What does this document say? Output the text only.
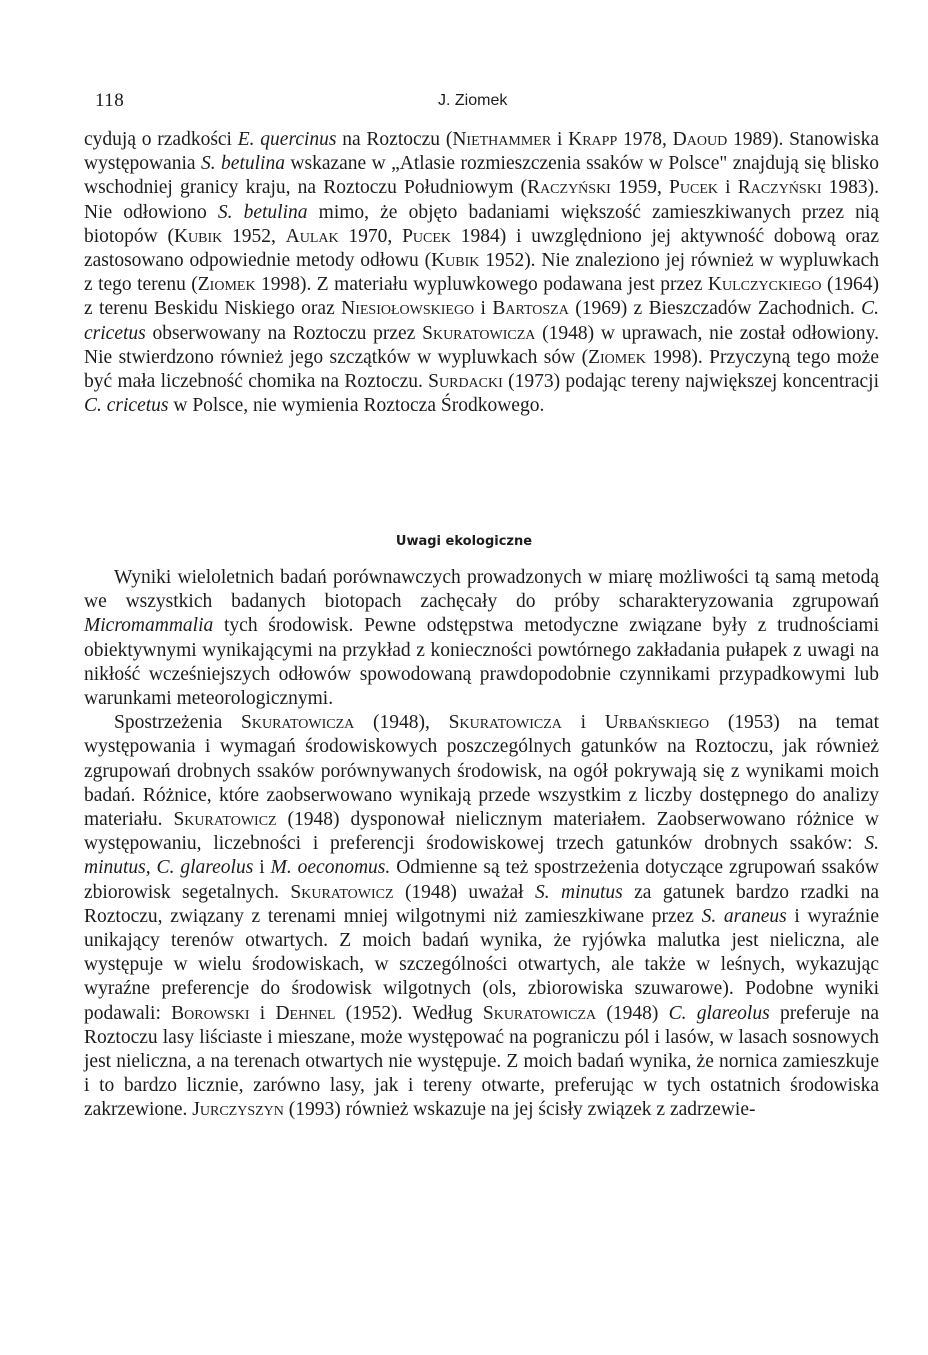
118	J. Ziomek

cydują o rzadkości E. quercinus na Roztoczu (Niethammer i Krapp 1978, Daoud 1989). Stanowiska występowania S. betulina wskazane w „Atlasie rozmieszczenia ssaków w Polsce" znajdują się blisko wschodniej granicy kraju, na Roztoczu Południowym (Raczyński 1959, Pucek i Raczyński 1983). Nie odłowiono S. betulina mimo, że objęto badaniami większość zamieszkiwanych przez nią biotopów (Kubik 1952, Aulak 1970, Pucek 1984) i uwzględniono jej aktywność dobową oraz zastosowano odpowiednie metody odłowu (Kubik 1952). Nie znaleziono jej również w wypluwkach z tego terenu (Ziomek 1998). Z materiału wypluwkowego podawana jest przez Kulczyckiego (1964) z terenu Beskidu Niskiego oraz Niesiołowskiego i Bartosza (1969) z Bieszczadów Zachodnich. C. cricetus obserwowany na Roztoczu przez Skuratowicza (1948) w uprawach, nie został odłowiony. Nie stwierdzono również jego szczątków w wypluwkach sów (Ziomek 1998). Przyczyną tego może być mała liczebność chomika na Roztoczu. Surdacki (1973) podając tereny największej koncentracji C. cricetus w Polsce, nie wymienia Roztocza Środkowego.

Uwagi ekologiczne

Wyniki wieloletnich badań porównawczych prowadzonych w miarę możliwości tą samą metodą we wszystkich badanych biotopach zachęcały do próby scharakteryzowania zgrupowań Micromammalia tych środowisk. Pewne odstępstwa metodyczne związane były z trudnościami obiektywnymi wynikającymi na przykład z konieczności powtórnego zakładania pułapek z uwagi na nikłość wcześniejszych odłowów spowodowaną prawdopodobnie czynnikami przypadkowymi lub warunkami meteorologicznymi.

Spostrzeżenia Skuratowicza (1948), Skuratowicza i Urbańskiego (1953) na temat występowania i wymagań środowiskowych poszczególnych gatunków na Roztoczu, jak również zgrupowań drobnych ssaków porównywanych środowisk, na ogół pokrywają się z wynikami moich badań. Różnice, które zaobserwowano wynikają przede wszystkim z liczby dostępnego do analizy materiału. Skuratowicz (1948) dysponował nielicznym materiałem. Zaobserwowano różnice w występowaniu, liczebności i preferencji środowiskowej trzech gatunków drobnych ssaków: S. minutus, C. glareolus i M. oeconomus. Odmienne są też spostrzeżenia dotyczące zgrupowań ssaków zbiorowisk segetalnych. Skuratowicz (1948) uważał S. minutus za gatunek bardzo rzadki na Roztoczu, związany z terenami mniej wilgotnymi niż zamieszkiwane przez S. araneus i wyraźnie unikający terenów otwartych. Z moich badań wynika, że ryjówka malutka jest nieliczna, ale występuje w wielu środowiskach, w szczególności otwartych, ale także w leśnych, wykazując wyraźne preferencje do środowisk wilgotnych (ols, zbiorowiska szuwarowe). Podobne wyniki podawali: Borowski i Dehnel (1952). Według Skuratowicza (1948) C. glareolus preferuje na Roztoczu lasy liściaste i mieszane, może występować na pograniczu pól i lasów, w lasach sosnowych jest nieliczna, a na terenach otwartych nie występuje. Z moich badań wynika, że nornica zamieszkuje i to bardzo licznie, zarówno lasy, jak i tereny otwarte, preferując w tych ostatnich środowiska zakrzewione. Jurczyszyn (1993) również wskazuje na jej ścisły związek z zadrzewie-
